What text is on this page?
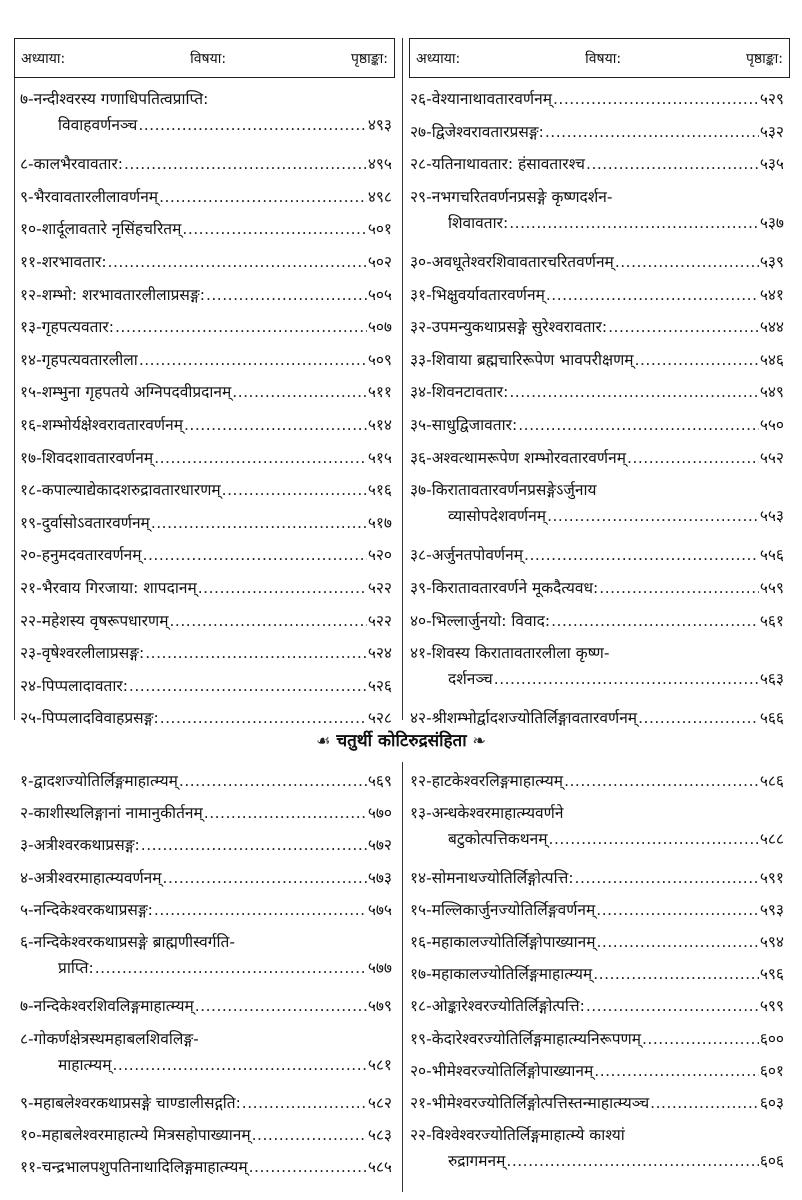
अध्याया:	विषया:	पृष्ठाङ्का: अध्याया:	विषया:	पृष्ठाङ्का:
☙ चतुर्थी कोटिरुद्रसंहिता ❧
७- नन्दीश्वरस्य गणाधिपतित्वप्राप्ति:
विवाहवर्णनञ्च .....	४९३
८- कालभैरवावतार: .....	४९५
९- भैरवावतारलीलावर्णनम् .....	४९८
१०- शार्दूलावतारे नृसिंहचरितम् .....	५०१
११- शरभावतार: .....	५०२
१२- शम्भो: शरभावतारलीलाप्रसङ्ग: .....	५०५
१३- गृहपत्यवतार: .....	५०७
१४- गृहपत्यवतारलीला .....	५०९
१५- शम्भुना गृहपतये अग्निपदवीप्रदानम् .....	५११
१६- शम्भोर्यक्षेश्वरावतारवर्णनम् .....	५१४
१७- शिवदशावतारवर्णनम् .....	५१५
१८- कपाल्याद्येकादशरुद्रावतारधारणम् .....	५१६
१९- दुर्वासोऽवतारवर्णनम् .....	५१७
२०- हनुमदवतारवर्णनम् .....	५२०
२१- भैरवाय गिरजाया: शापदानम् .....	५२२
२२- महेशस्य वृषरूपधारणम् .....	५२२
२३- वृषेश्वरलीलाप्रसङ्ग: .....	५२४
२४- पिप्पलादावतार: .....	५२६
२५- पिप्पलादविवाहप्रसङ्ग: .....	५२८
२६- वेश्यानाथावतारवर्णनम् .....	५२९
२७- द्विजेश्वरावतारप्रसङ्ग: .....	५३२
२८- यतिनाथावतार: हंसावतारश्च .....	५३५
२९- नभगचरितवर्णनप्रसङ्गे कृष्णदर्शन-
शिवावतार: .....	५३७
३०- अवधूतेश्वरशिवावतारचरितवर्णनम् .....	५३९
३१- भिक्षुवर्यावतारवर्णनम् .....	५४१
३२- उपमन्युकथाप्रसङ्गे सुरेश्वरावतार: .....	५४४
३३- शिवाया ब्रह्मचारिरूपेण भावपरीक्षणम् .....	५४६
३४- शिवनटावतार: .....	५४९
३५- साधुद्विजावतार: .....	५५०
३६- अश्वत्थामरूपेण शम्भोरवतारवर्णनम् .....	५५२
३७- किरातावतारवर्णनप्रसङ्गेऽर्जुनाय
व्यासोपदेशवर्णनम् .....	५५३
३८- अर्जुनतपोवर्णनम् .....	५५६
३९- किरातावतारवर्णने मूकदैत्यवध: .....	५५९
४०- भिल्लार्जुनयो: विवाद: .....	५६१
४१- शिवस्य किरातावतारलीला कृष्ण-
दर्शनञ्च .....	५६३
४२- श्रीशम्भोर्द्वादशज्योतिर्लिङ्गावतारवर्णनम् .....	५६६
१- द्वादशज्योतिर्लिङ्गमाहात्म्यम् .....	५६९
२- काशीस्थलिङ्गानां नामानुकीर्तनम् .....	५७०
३- अत्रीश्वरकथाप्रसङ्ग: .....	५७२
४- अत्रीश्वरमाहात्म्यवर्णनम् .....	५७३
५- नन्दिकेश्वरकथाप्रसङ्ग: .....	५७५
६- नन्दिकेश्वरकथाप्रसङ्गे ब्राह्मणीस्वर्गति-
प्राप्ति: .....	५७७
७- नन्दिकेश्वरशिवलिङ्गमाहात्म्यम् .....	५७९
८- गोकर्णक्षेत्रस्थमहाबलशिवलिङ्ग-
माहात्म्यम् .....	५८१
९- महाबलेश्वरकथाप्रसङ्गे चाण्डालीसद्गति: .....	५८२
१०- महाबलेश्वरमाहात्म्ये मित्रसहोपाख्यानम् .....	५८३
११- चन्द्रभालपशुपतिनाथादिलिङ्गमाहात्म्यम् .....	५८५
१२- हाटकेश्वरलिङ्गमाहात्म्यम् .....	५८६
१३- अन्धकेश्वरमाहात्म्यवर्णने
बटुकोत्पत्तिकथनम् .....	५८८
१४- सोमनाथज्योतिर्लिङ्गोत्पत्ति: .....	५९१
१५- मल्लिकार्जुनज्योतिर्लिङ्गवर्णनम् .....	५९३
१६- महाकालज्योतिर्लिङ्गोपाख्यानम् .....	५९४
१७- महाकालज्योतिर्लिङ्गमाहात्म्यम् .....	५९६
१८- ओङ्कारेश्वरज्योतिर्लिङ्गोत्पत्ति: .....	५९९
१९- केदारेश्वरज्योतिर्लिङ्गमाहात्म्यनिरूपणम् .....	६००
२०- भीमेश्वरज्योतिर्लिङ्गोपाख्यानम् .....	६०१
२१- भीमेश्वरज्योतिर्लिङ्गोत्पत्तिस्तन्माहात्म्यञ्च .....	६०३
२२- विश्वेश्वरज्योतिर्लिङ्गमाहात्म्ये काश्यां
रुद्रागमनम् .....	६०६
